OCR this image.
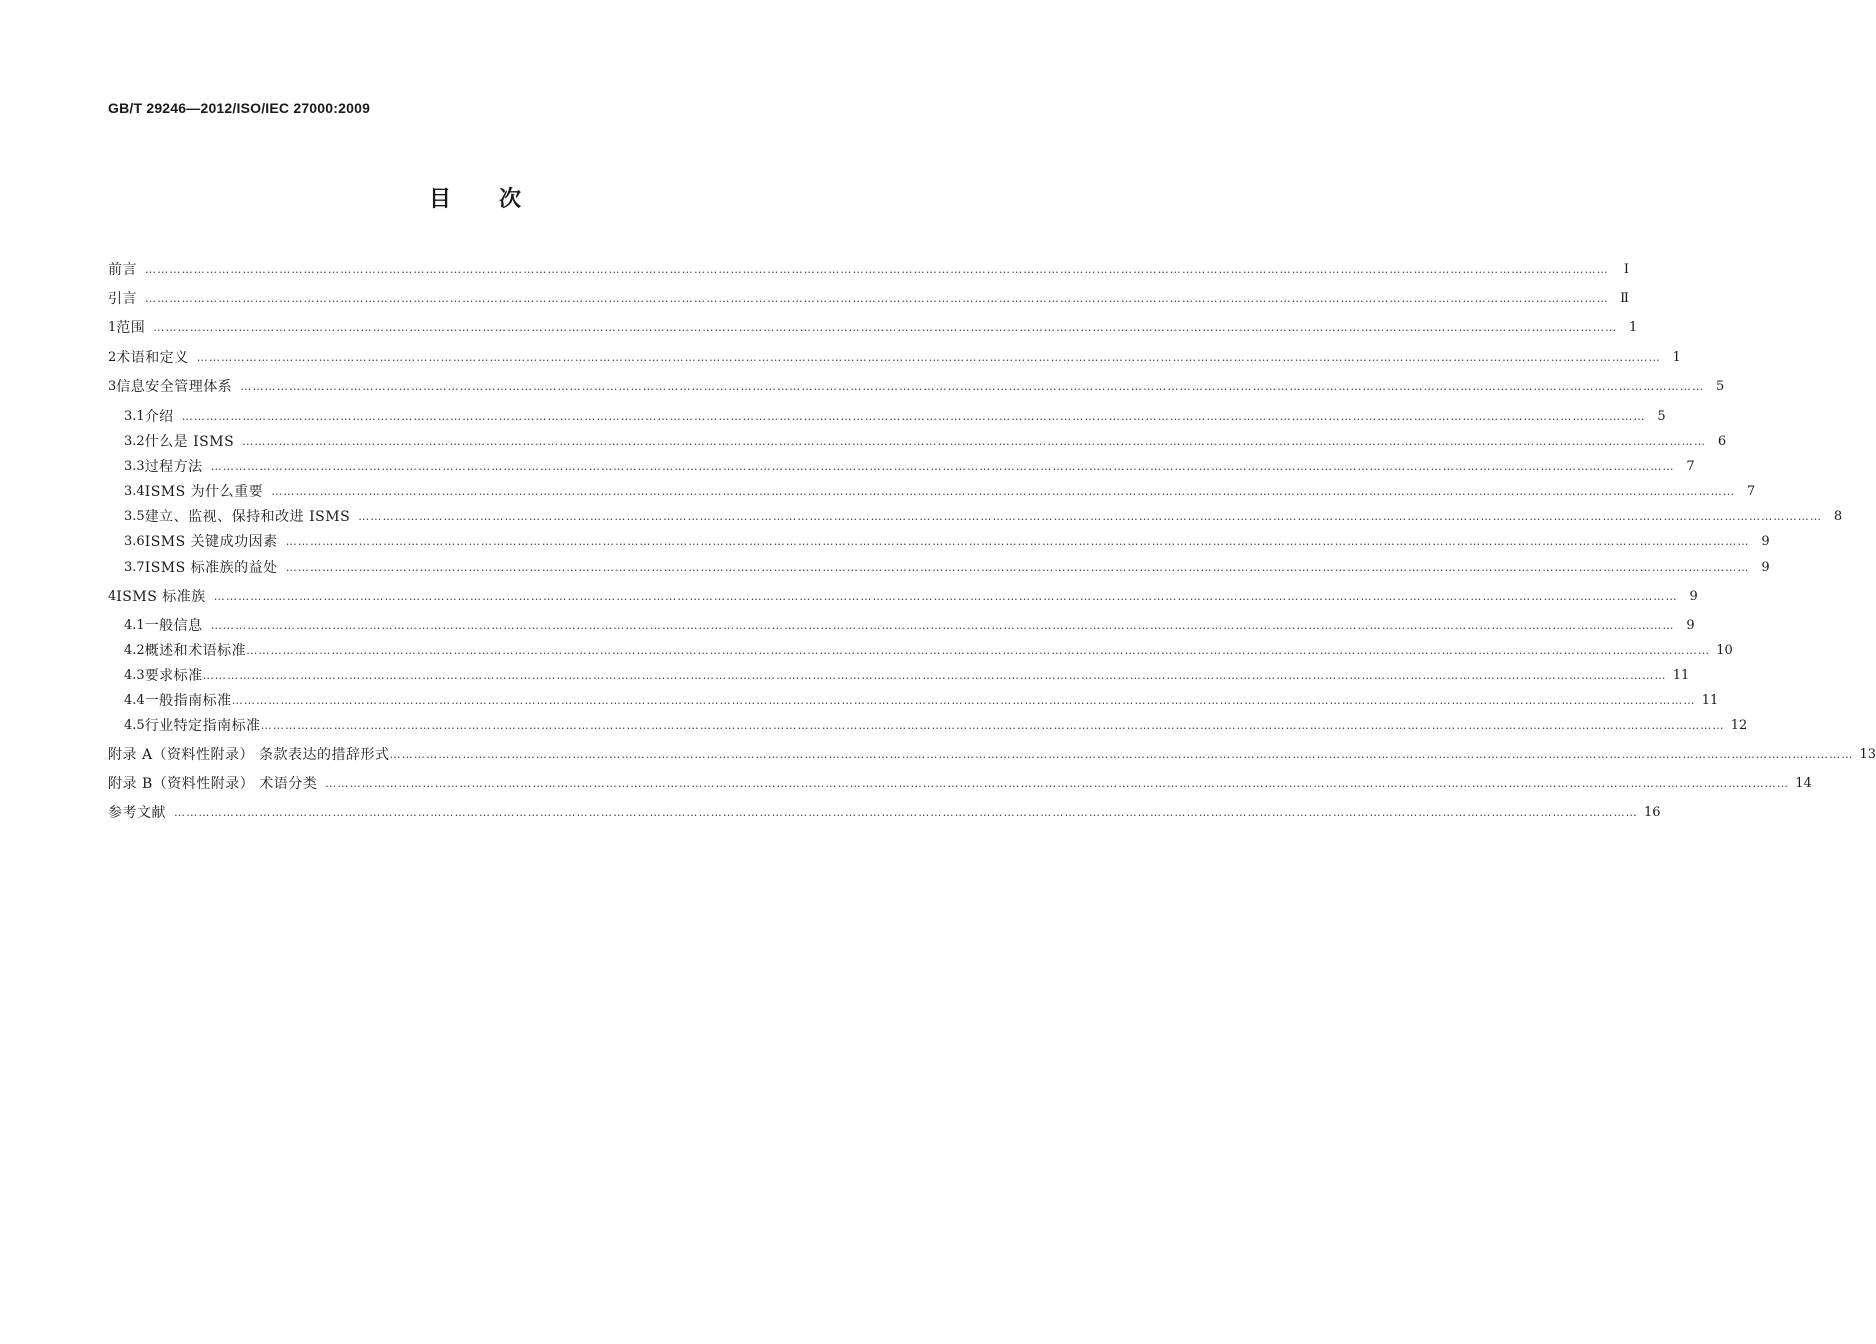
GB/T 29246—2012/ISO/IEC 27000:2009
目次
前言 ………………………………………………………………………………………………………………………………………………………………………………………………………………………………………………………………………………………………………………………………	Ⅰ
引言 ……………………………………………………………………………………………………………………………………………………………………………………………………………………………………………………………………………………………………………………………… Ⅱ
1 范围 ……………………………………………………………………………………………………………………………………………………………………………………………………………………………………………………………………………………………………………………………… 1
2 术语和定义 ……………………………………………………………………………………………………………………………………………………………………………………………………………………………………………………………………………………………………………………………… 1
3 信息安全管理体系 ……………………………………………………………………………………………………………………………………………………………………………………………………………………………………………………………………………………………………………………………… 5
3.1 介绍 ……………………………………………………………………………………………………………………………………………………………………………………………………………………………………………………………………………………………………………………………… 5
3.2 什么是 ISMS ……………………………………………………………………………………………………………………………………………………………………………………………………………………………………………………………………………………………………………………………… 6
3.3 过程方法 ……………………………………………………………………………………………………………………………………………………………………………………………………………………………………………………………………………………………………………………………… 7
3.4 ISMS 为什么重要 ……………………………………………………………………………………………………………………………………………………………………………………………………………………………………………………………………………………………………………………………… 7
3.5 建立、监视、保持和改进 ISMS ……………………………………………………………………………………………………………………………………………………………………………………………………………………………………………………………………………………………………………………………… 8
3.6 ISMS 关键成功因素 ……………………………………………………………………………………………………………………………………………………………………………………………………………………………………………………………………………………………………………………………… 9
3.7 ISMS 标准族的益处 ……………………………………………………………………………………………………………………………………………………………………………………………………………………………………………………………………………………………………………………………… 9
4 ISMS 标准族 ……………………………………………………………………………………………………………………………………………………………………………………………………………………………………………………………………………………………………………………………… 9
4.1 一般信息 ……………………………………………………………………………………………………………………………………………………………………………………………………………………………………………………………………………………………………………………………… 9
4.2 概述和术语标准 ……………………………………………………………………………………………………………………………………………………………………………………………………………………………………………………………………………………………………………………………… 10
4.3 要求标准 ……………………………………………………………………………………………………………………………………………………………………………………………………………………………………………………………………………………………………………………………… 11
4.4 一般指南标准 ……………………………………………………………………………………………………………………………………………………………………………………………………………………………………………………………………………………………………………………………… 11
4.5 行业特定指南标准 ……………………………………………………………………………………………………………………………………………………………………………………………………………………………………………………………………………………………………………………………… 12
附录 A（资料性附录） 条款表达的措辞形式 ……………………………………………………………………………………………………………………………………………………………………………………………………………………………………………………………………………………………………………………………… 13
附录 B（资料性附录） 术语分类 ……………………………………………………………………………………………………………………………………………………………………………………………………………………………………………………………………………………………………………………………… 14
参考文献 ……………………………………………………………………………………………………………………………………………………………………………………………………………………………………………………………………………………………………………………………… 16
